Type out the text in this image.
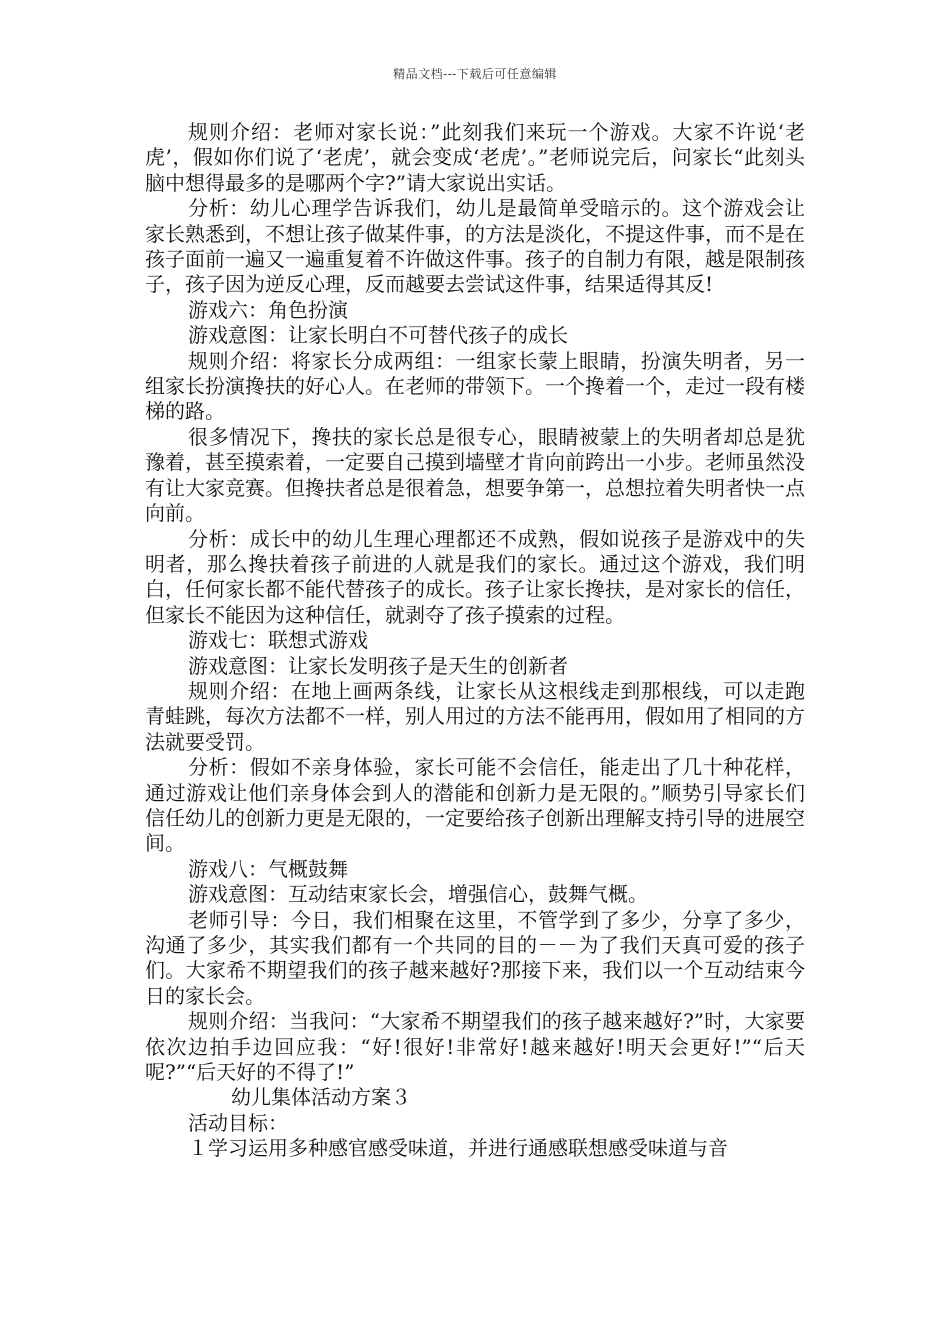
精品文档---下载后可任意编辑

规则介绍：老师对家长说：”此刻我们来玩一个游戏。大家不许说‘老虎’，假如你们说了‘老虎’，就会变成‘老虎’。”老师说完后，问家长“此刻头脑中想得最多的是哪两个字?”请大家说出实话。

分析：幼儿心理学告诉我们，幼儿是最简单受暗示的。这个游戏会让家长熟悉到，不想让孩子做某件事，的方法是淡化，不提这件事，而不是在孩子面前一遍又一遍重复着不许做这件事。孩子的自制力有限，越是限制孩子，孩子因为逆反心理，反而越要去尝试这件事，结果适得其反!

游戏六：角色扮演

游戏意图：让家长明白不可替代孩子的成长

规则介绍：将家长分成两组：一组家长蒙上眼睛，扮演失明者，另一组家长扮演搀扶的好心人。在老师的带领下。一个搀着一个，走过一段有楼梯的路。

很多情况下，搀扶的家长总是很专心，眼睛被蒙上的失明者却总是犹豫着，甚至摸索着，一定要自己摸到墙壁才肯向前跨出一小步。老师虽然没有让大家竞赛。但搀扶者总是很着急，想要争第一，总想拉着失明者快一点向前。

分析：成长中的幼儿生理心理都还不成熟，假如说孩子是游戏中的失明者，那么搀扶着孩子前进的人就是我们的家长。通过这个游戏，我们明白，任何家长都不能代替孩子的成长。孩子让家长搀扶，是对家长的信任，但家长不能因为这种信任，就剥夺了孩子摸索的过程。

游戏七：联想式游戏

游戏意图：让家长发明孩子是天生的创新者

规则介绍：在地上画两条线，让家长从这根线走到那根线，可以走跑青蛙跳，每次方法都不一样，别人用过的方法不能再用，假如用了相同的方法就要受罚。

分析：假如不亲身体验，家长可能不会信任，能走出了几十种花样，通过游戏让他们亲身体会到人的潜能和创新力是无限的。”顺势引导家长们信任幼儿的创新力更是无限的，一定要给孩子创新出理解支持引导的进展空间。

游戏八：气概鼓舞

游戏意图：互动结束家长会，增强信心，鼓舞气概。

老师引导：今日，我们相聚在这里，不管学到了多少，分享了多少，沟通了多少，其实我们都有一个共同的目的－－为了我们天真可爱的孩子们。大家希不期望我们的孩子越来越好?那接下来，我们以一个互动结束今日的家长会。

规则介绍：当我问：“大家希不期望我们的孩子越来越好?”时，大家要依次边拍手边回应我：“好!很好!非常好!越来越好!明天会更好!”“后天呢?”“后天好的不得了!”

幼儿集体活动方案３

活动目标：

１学习运用多种感官感受味道，并进行通感联想感受味道与音
